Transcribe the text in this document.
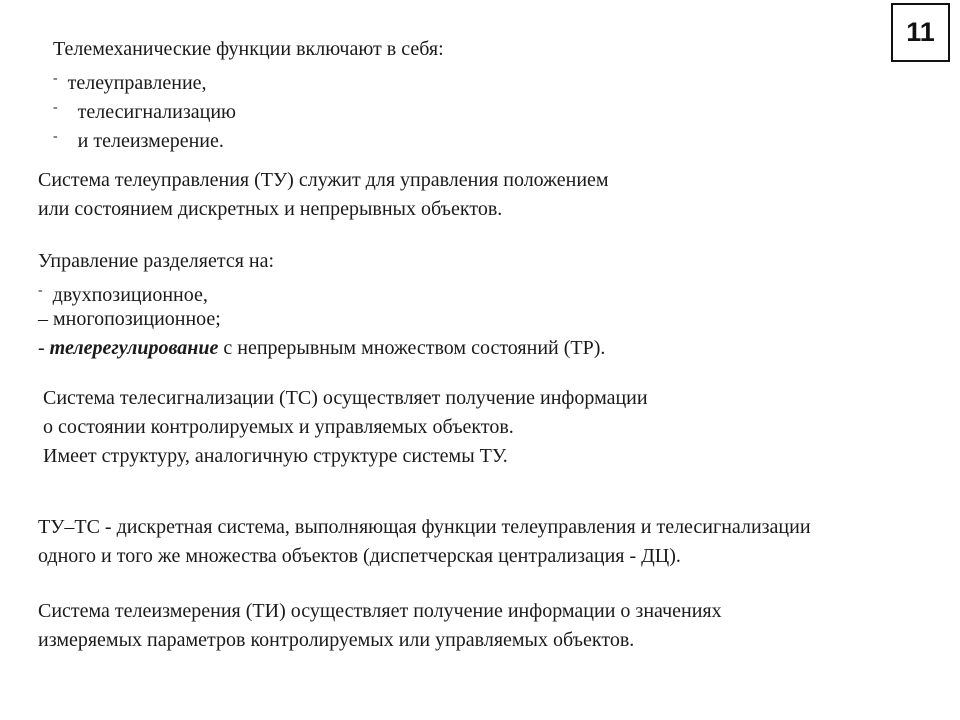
11
Телемеханические функции включают в себя:
- телеуправление,
- телесигнализацию
- и телеизмерение.
Система телеуправления (ТУ) служит для управления положением
или состоянием дискретных и непрерывных объектов.
Управление разделяется на:
- двухпозиционное,
– многопозиционное;
- телерегулирование с непрерывным множеством состояний (ТР).
Система телесигнализации (ТС) осуществляет получение информации
о состоянии контролируемых и управляемых объектов.
Имеет структуру, аналогичную структуре системы ТУ.
ТУ–ТС - дискретная система, выполняющая функции телеуправления и телесигнализации
одного и того же множества объектов (диспетчерская централизация - ДЦ).
Система телеизмерения (ТИ) осуществляет получение информации о значениях
измеряемых параметров контролируемых или управляемых объектов.
